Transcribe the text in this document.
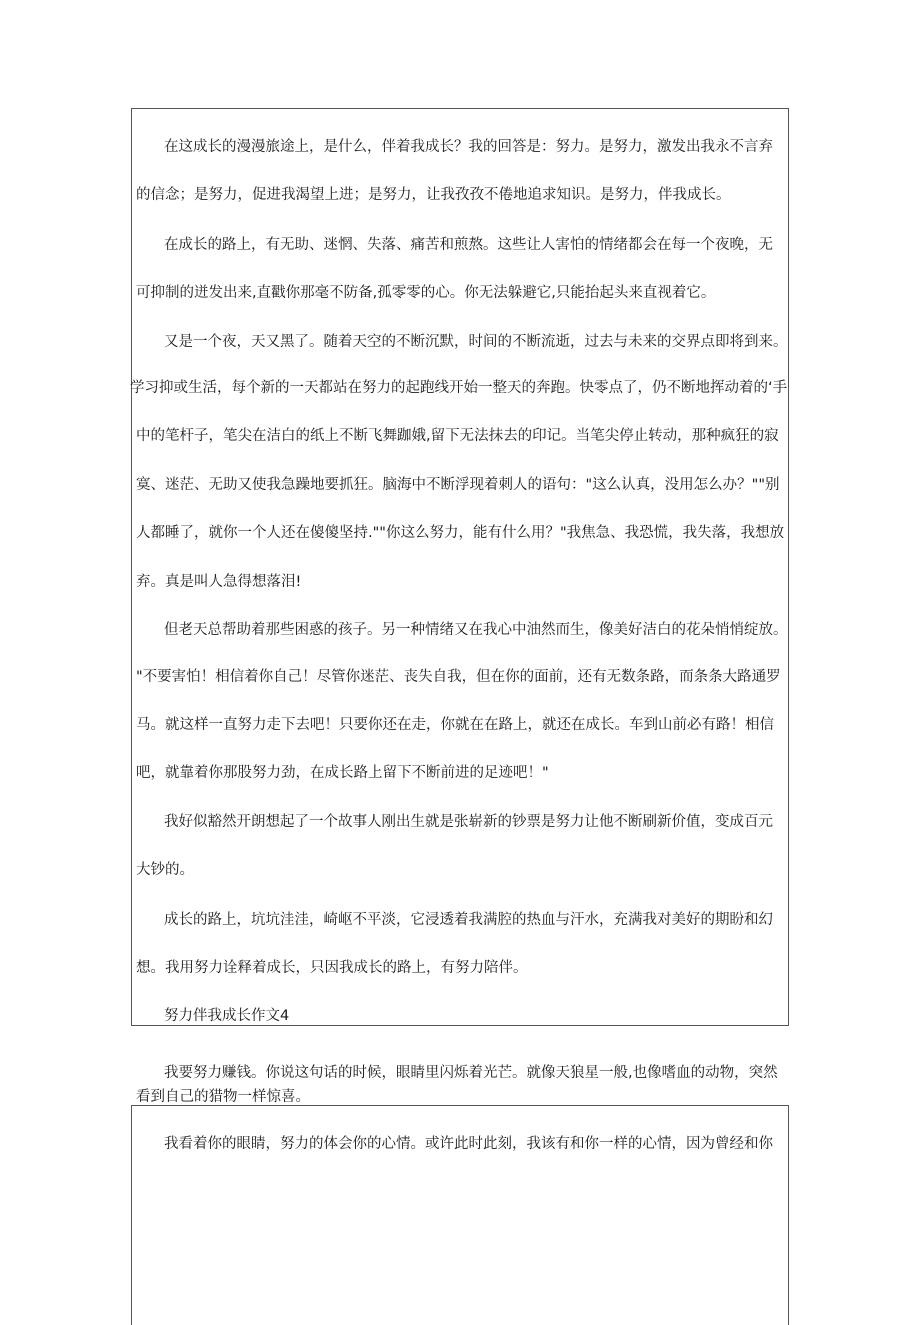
在这成长的漫漫旅途上，是什么，伴着我成长？我的回答是：努力。是努力，激发出我永不言弃
的信念；是努力，促进我渴望上进；是努力，让我孜孜不倦地追求知识。是努力，伴我成长。
在成长的路上，有无助、迷惘、失落、痛苦和煎熬。这些让人害怕的情绪都会在每一个夜晚，无
可抑制的迸发出来,直戳你那毫不防备,孤零零的心。你无法躲避它,只能抬起头来直视着它。
又是一个夜，天又黑了。随着天空的不断沉默，时间的不断流逝，过去与未来的交界点即将到来。
学习抑或生活，每个新的一天都站在努力的起跑线开始一整天的奔跑。快零点了，仍不断地挥动着的‘手
中的笔杆子，笔尖在洁白的纸上不断飞舞跏娥,留下无法抹去的印记。当笔尖停止转动，那种疯狂的寂
寞、迷茫、无助又使我急躁地要抓狂。脑海中不断浮现着刺人的语句："这么认真，没用怎么办？""别
人都睡了，就你一个人还在傻傻坚持.""你这么努力，能有什么用？"我焦急、我恐慌，我失落，我想放
弃。真是叫人急得想落泪!
但老天总帮助着那些困惑的孩子。另一种情绪又在我心中油然而生，像美好洁白的花朵悄悄绽放。
"不要害怕！相信着你自己！尽管你迷茫、丧失自我，但在你的面前，还有无数条路，而条条大路通罗
马。就这样一直努力走下去吧！只要你还在走，你就在在路上，就还在成长。车到山前必有路！相信
吧，就靠着你那股努力劲，在成长路上留下不断前进的足迹吧！"
我好似豁然开朗想起了一个故事人刚出生就是张崭新的钞票是努力让他不断刷新价值，变成百元
大钞的。
成长的路上，坑坑洼洼，崎岖不平淡，它浸透着我满腔的热血与汗水，充满我对美好的期盼和幻
想。我用努力诠释着成长，只因我成长的路上，有努力陪伴。
努力伴我成长作文4
我要努力赚钱。你说这句话的时候，眼睛里闪烁着光芒。就像天狼星一般,也像嗜血的动物，突然
看到自己的猎物一样惊喜。
我看着你的眼睛，努力的体会你的心情。或许此时此刻，我该有和你一样的心情，因为曾经和你
